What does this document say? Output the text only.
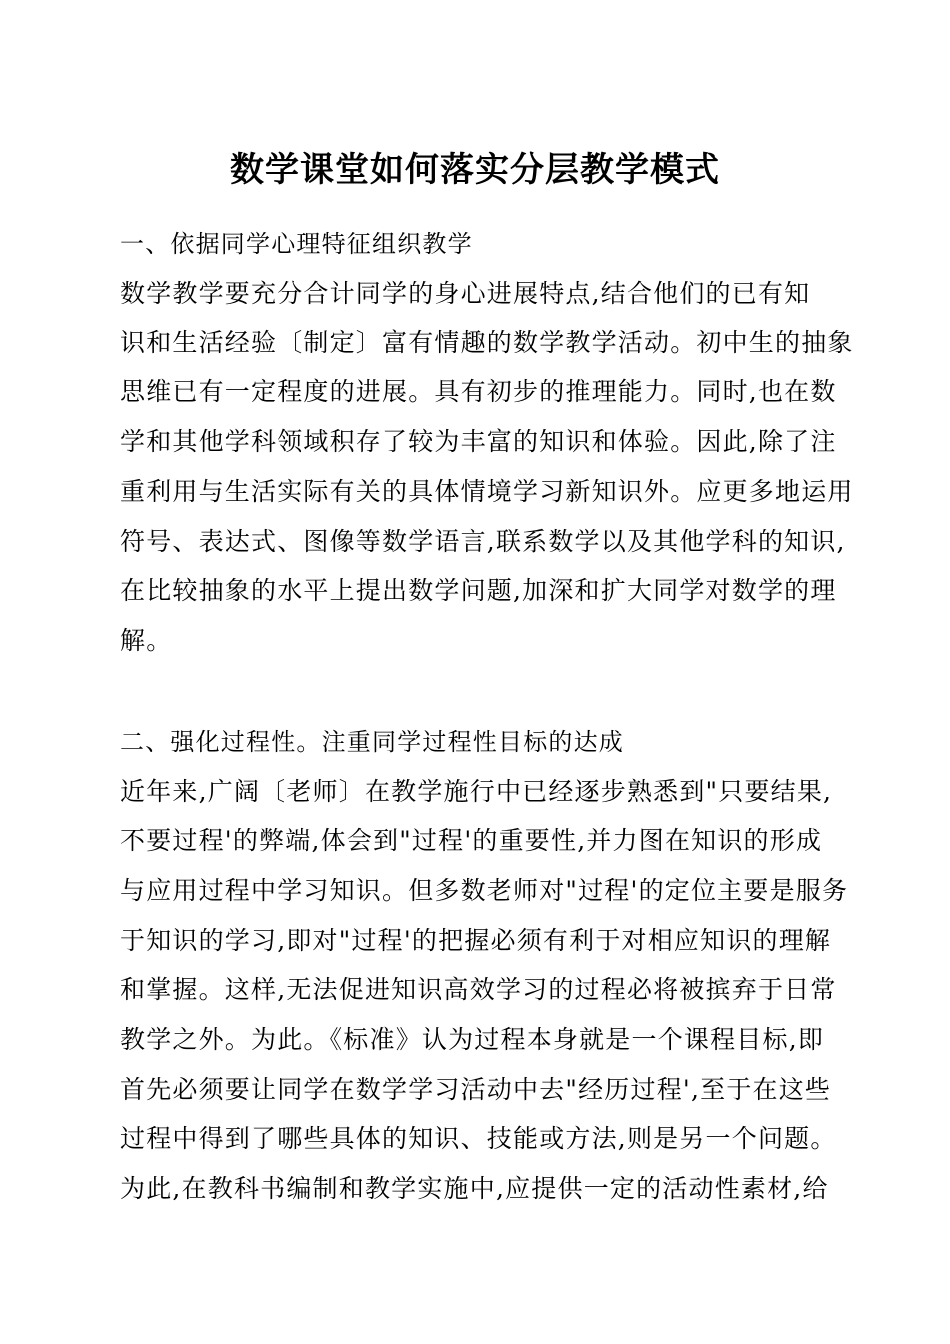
数学课堂如何落实分层教学模式
一、依据同学心理特征组织教学
数学教学要充分合计同学的身心进展特点,结合他们的已有知
识和生活经验〔制定〕富有情趣的数学教学活动。初中生的抽象
思维已有一定程度的进展。具有初步的推理能力。同时,也在数
学和其他学科领域积存了较为丰富的知识和体验。因此,除了注
重利用与生活实际有关的具体情境学习新知识外。应更多地运用
符号、表达式、图像等数学语言,联系数学以及其他学科的知识,
在比较抽象的水平上提出数学问题,加深和扩大同学对数学的理
解。
二、强化过程性。注重同学过程性目标的达成
近年来,广阔〔老师〕在教学施行中已经逐步熟悉到"只要结果,
不要过程'的弊端,体会到"过程'的重要性,并力图在知识的形成
与应用过程中学习知识。但多数老师对"过程'的定位主要是服务
于知识的学习,即对"过程'的把握必须有利于对相应知识的理解
和掌握。这样,无法促进知识高效学习的过程必将被摈弃于日常
教学之外。为此。《标准》认为过程本身就是一个课程目标,即
首先必须要让同学在数学学习活动中去"经历过程',至于在这些
过程中得到了哪些具体的知识、技能或方法,则是另一个问题。
为此,在教科书编制和教学实施中,应提供一定的活动性素材,给
